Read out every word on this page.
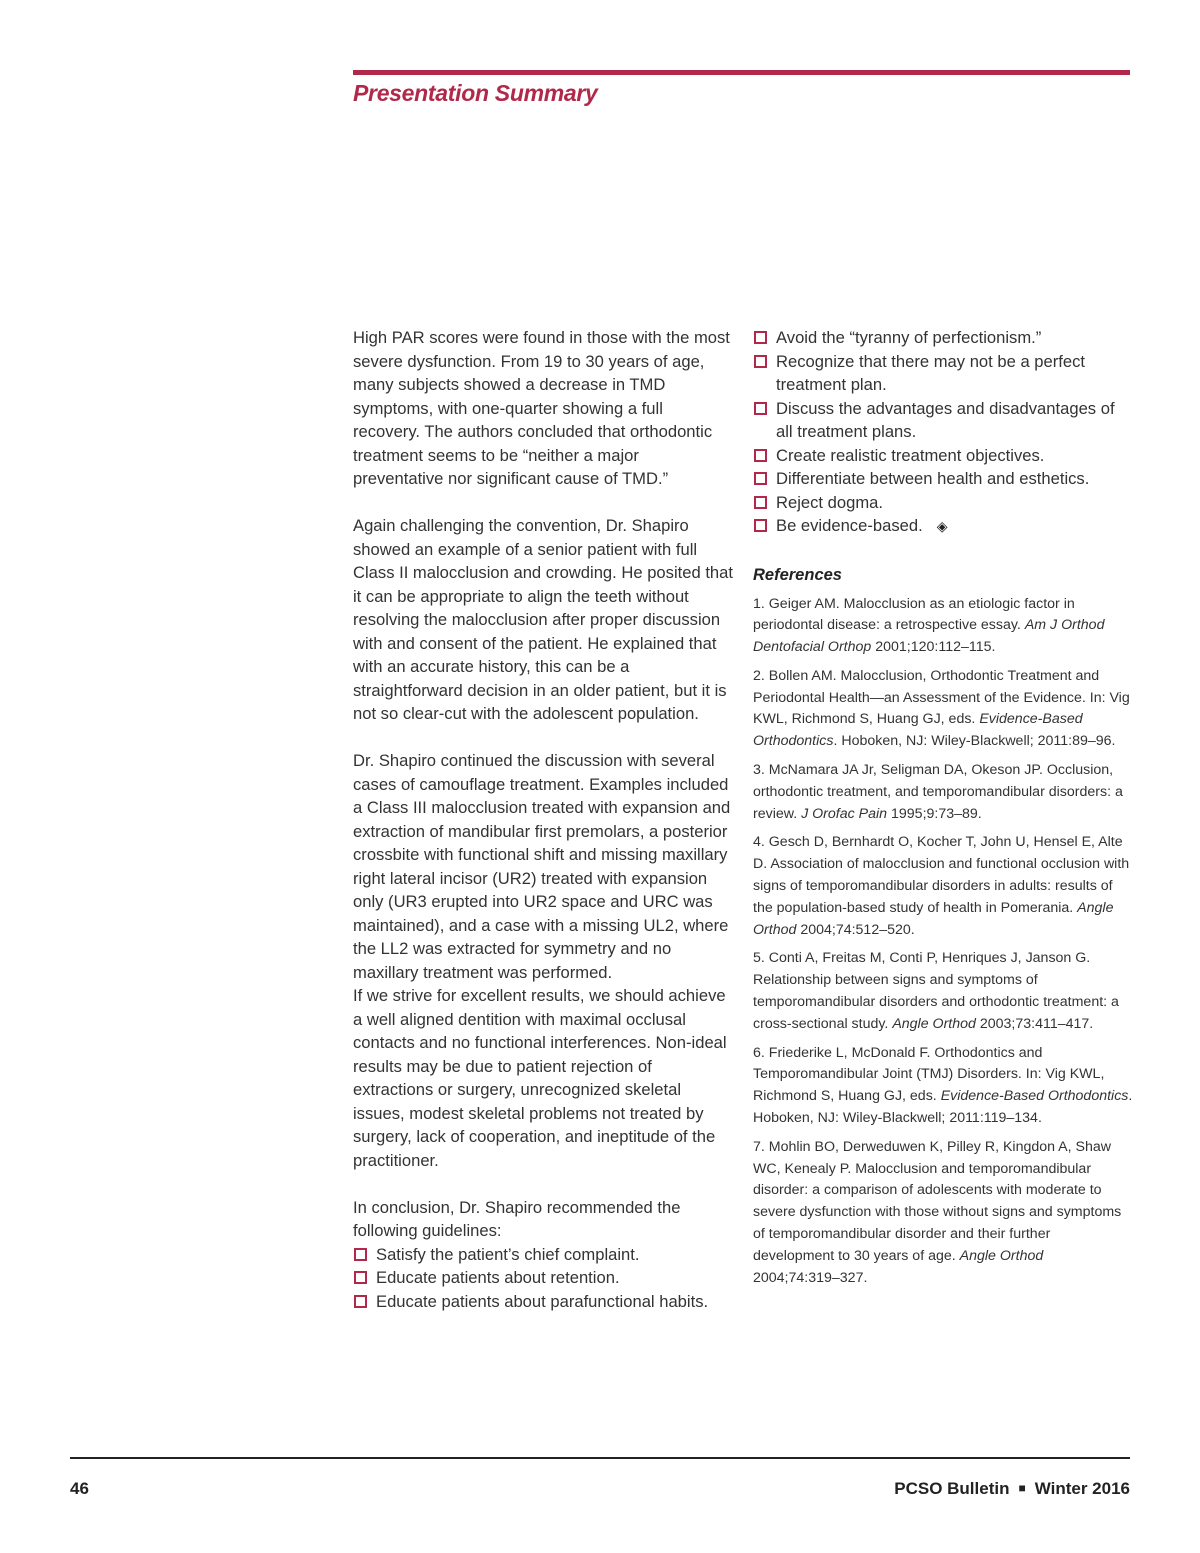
Presentation Summary

High PAR scores were found in those with the most severe dysfunction. From 19 to 30 years of age, many subjects showed a decrease in TMD symptoms, with one-quarter showing a full recovery. The authors concluded that orthodontic treatment seems to be “neither a major preventative nor significant cause of TMD.”

Again challenging the convention, Dr. Shapiro showed an example of a senior patient with full Class II malocclusion and crowding. He posited that it can be appropriate to align the teeth without resolving the malocclusion after proper discussion with and consent of the patient. He explained that with an accurate history, this can be a straightforward decision in an older patient, but it is not so clear-cut with the adolescent population.

Dr. Shapiro continued the discussion with several cases of camouflage treatment. Examples included a Class III malocclusion treated with expansion and extraction of mandibular first premolars, a posterior crossbite with functional shift and missing maxillary right lateral incisor (UR2) treated with expansion only (UR3 erupted into UR2 space and URC was maintained), and a case with a missing UL2, where the LL2 was extracted for symmetry and no maxillary treatment was performed.

If we strive for excellent results, we should achieve a well aligned dentition with maximal occlusal contacts and no functional interferences. Non-ideal results may be due to patient rejection of extractions or surgery, unrecognized skeletal issues, modest skeletal problems not treated by surgery, lack of cooperation, and ineptitude of the practitioner.

In conclusion, Dr. Shapiro recommended the following guidelines:

Satisfy the patient’s chief complaint.
Educate patients about retention.
Educate patients about parafunctional habits.
Avoid the “tyranny of perfectionism.”
Recognize that there may not be a perfect treatment plan.
Discuss the advantages and disadvantages of all treatment plans.
Create realistic treatment objectives.
Differentiate between health and esthetics.
Reject dogma.
Be evidence-based. ◈
References

1. Geiger AM. Malocclusion as an etiologic factor in periodontal disease: a retrospective essay. Am J Orthod Dentofacial Orthop 2001;120:112–115.

2. Bollen AM. Malocclusion, Orthodontic Treatment and Periodontal Health—an Assessment of the Evidence. In: Vig KWL, Richmond S, Huang GJ, eds. Evidence-Based Orthodontics. Hoboken, NJ: Wiley-Blackwell; 2011:89–96.

3. McNamara JA Jr, Seligman DA, Okeson JP. Occlusion, orthodontic treatment, and temporomandibular disorders: a review. J Orofac Pain 1995;9:73–89.

4. Gesch D, Bernhardt O, Kocher T, John U, Hensel E, Alte D. Association of malocclusion and functional occlusion with signs of temporomandibular disorders in adults: results of the population-based study of health in Pomerania. Angle Orthod 2004;74:512–520.

5. Conti A, Freitas M, Conti P, Henriques J, Janson G. Relationship between signs and symptoms of temporomandibular disorders and orthodontic treatment: a cross-sectional study. Angle Orthod 2003;73:411–417.

6. Friederike L, McDonald F. Orthodontics and Temporomandibular Joint (TMJ) Disorders. In: Vig KWL, Richmond S, Huang GJ, eds. Evidence-Based Orthodontics. Hoboken, NJ: Wiley-Blackwell; 2011:119–134.

7. Mohlin BO, Derweduwen K, Pilley R, Kingdon A, Shaw WC, Kenealy P. Malocclusion and temporomandibular disorder: a comparison of adolescents with moderate to severe dysfunction with those without signs and symptoms of temporomandibular disorder and their further development to 30 years of age. Angle Orthod 2004;74:319–327.

46	PCSO Bulletin ■ Winter 2016
